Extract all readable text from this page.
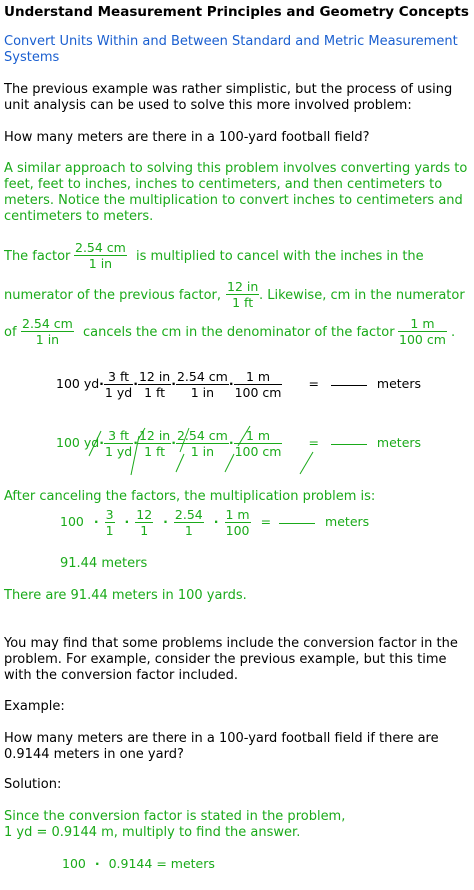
Understand Measurement Principles and Geometry Concepts
Convert Units Within and Between Standard and Metric Measurement
Systems
The previous example was rather simplistic, but the process of using
unit analysis can be used to solve this more involved problem:
How many meters are there in a 100-yard football field?
A similar approach to solving this problem involves converting yards to
feet, feet to inches, inches to centimeters, and then centimeters to
meters. Notice the multiplication to convert inches to centimeters and
centimeters to meters.
The factor $\frac{2.54 cm}{1 in}$ is multiplied to cancel with the inches in the
numerator of the previous factor, $\frac{12 in}{1 ft}$ . Likewise, cm in the numerator
of $\frac{2.54 cm}{1 in}$ cancels the cm in the denominator of the factor $\frac{1 m}{100 cm}$ .
100 $yd\cdot \frac{3 ft}{1 yd} \cdot \frac{12 in}{1 ft} \cdot \frac{2.54 cm}{1 in} \cdot \frac{1 m}{100 cm}$ =	meters
100 $yd\cdot \frac{3 ft}{1 yd} \cdot \frac{12 in}{1 ft} \cdot \frac{2.54 cm}{1 in} \cdot \frac{1 m}{100 cm}$ =	meters
After canceling the factors, the multiplication problem is:
$100 \cdot \frac{3}{1} \cdot \frac{12}{1} \cdot \frac{2.54}{1} \cdot \frac{1 m}{100}$ =	meters
91.44 meters
There are 91.44 meters in 100 yards.
You may find that some problems include the conversion factor in the
problem. For example, consider the previous example, but this time
with the conversion factor included.
Example:
How many meters are there in a 100-yard football field if there are
0.9144 meters in one yard?
Solution:
Since the conversion factor is stated in the problem,
1 yd = 0.9144 m, multiply to find the answer.
100 · 0.9144 = meters
